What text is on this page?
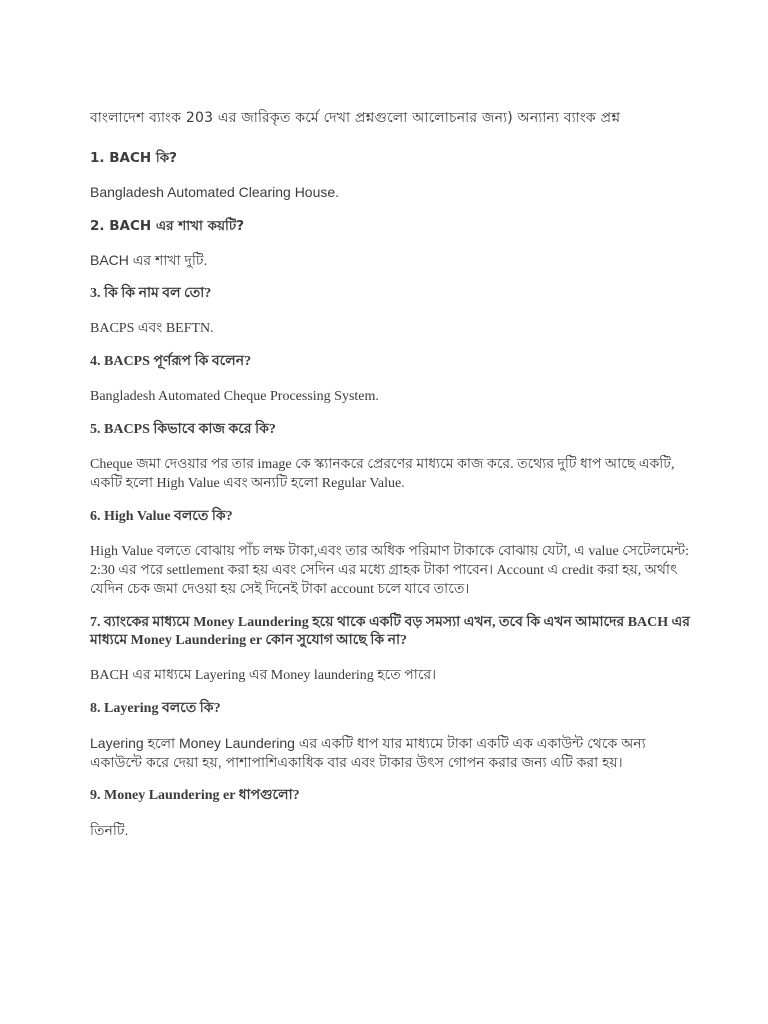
বাংলাদেশ ব্যাংক 203 এর জারিকৃত কর্মে দেখা প্রশ্নগুলো আলোচনার জন্য) অন্যান্য ব্যাংক প্রশ্ন

1. BACH কি?

Bangladesh Automated Clearing House.

2. BACH এর শাখা কয়টি?

BACH এর শাখা দুটি.

3. কি কি নাম বল তো?

BACPS এবং BEFTN.

4. BACPS পূর্ণরূপ কি বলেন?

Bangladesh Automated Cheque Processing System.

5. BACPS কিভাবে কাজ করে কি?

Cheque জমা দেওয়ার পর তার image কে স্ক্যানকরে প্রেরণের মাধ্যমে কাজ করে. তথ্যের দুটি ধাপ আছে একটি, একটি হলো High Value এবং অন্যটি হলো Regular Value.

6. High Value বলতে কি?

High Value বলতে বোঝায় পাঁচ লক্ষ টাকা,এবং তার অধিক পরিমাণ টাকাকে বোঝায় যেটা, এ value সেটেলমেন্ট: 2:30 এর পরে settlement করা হয় এবং সেদিন এর মধ্যে গ্রাহক টাকা পাবেন। Account এ credit করা হয়, অর্থাৎ যেদিন চেক জমা দেওয়া হয় সেই দিনেই টাকা account চলে যাবে তাতে।

7. ব্যাংকের মাধ্যমে Money Laundering হয়ে থাকে একটি বড় সমস্যা এখন, তবে কি এখন আমাদের BACH এর মাধ্যমে Money Laundering er কোন সুযোগ আছে কি না?

BACH এর মাধ্যমে Layering এর Money laundering হতে পারে।

8. Layering বলতে কি?

Layering হলো Money Laundering এর একটি ধাপ যার মাধ্যমে টাকা একটি এক একাউন্ট থেকে অন্য একাউন্টে করে দেয়া হয়, পাশাপাশিএকাধিক বার এবং টাকার উৎস গোপন করার জন্য এটি করা হয়।

9. Money Laundering er ধাপগুলো?

তিনটি.
